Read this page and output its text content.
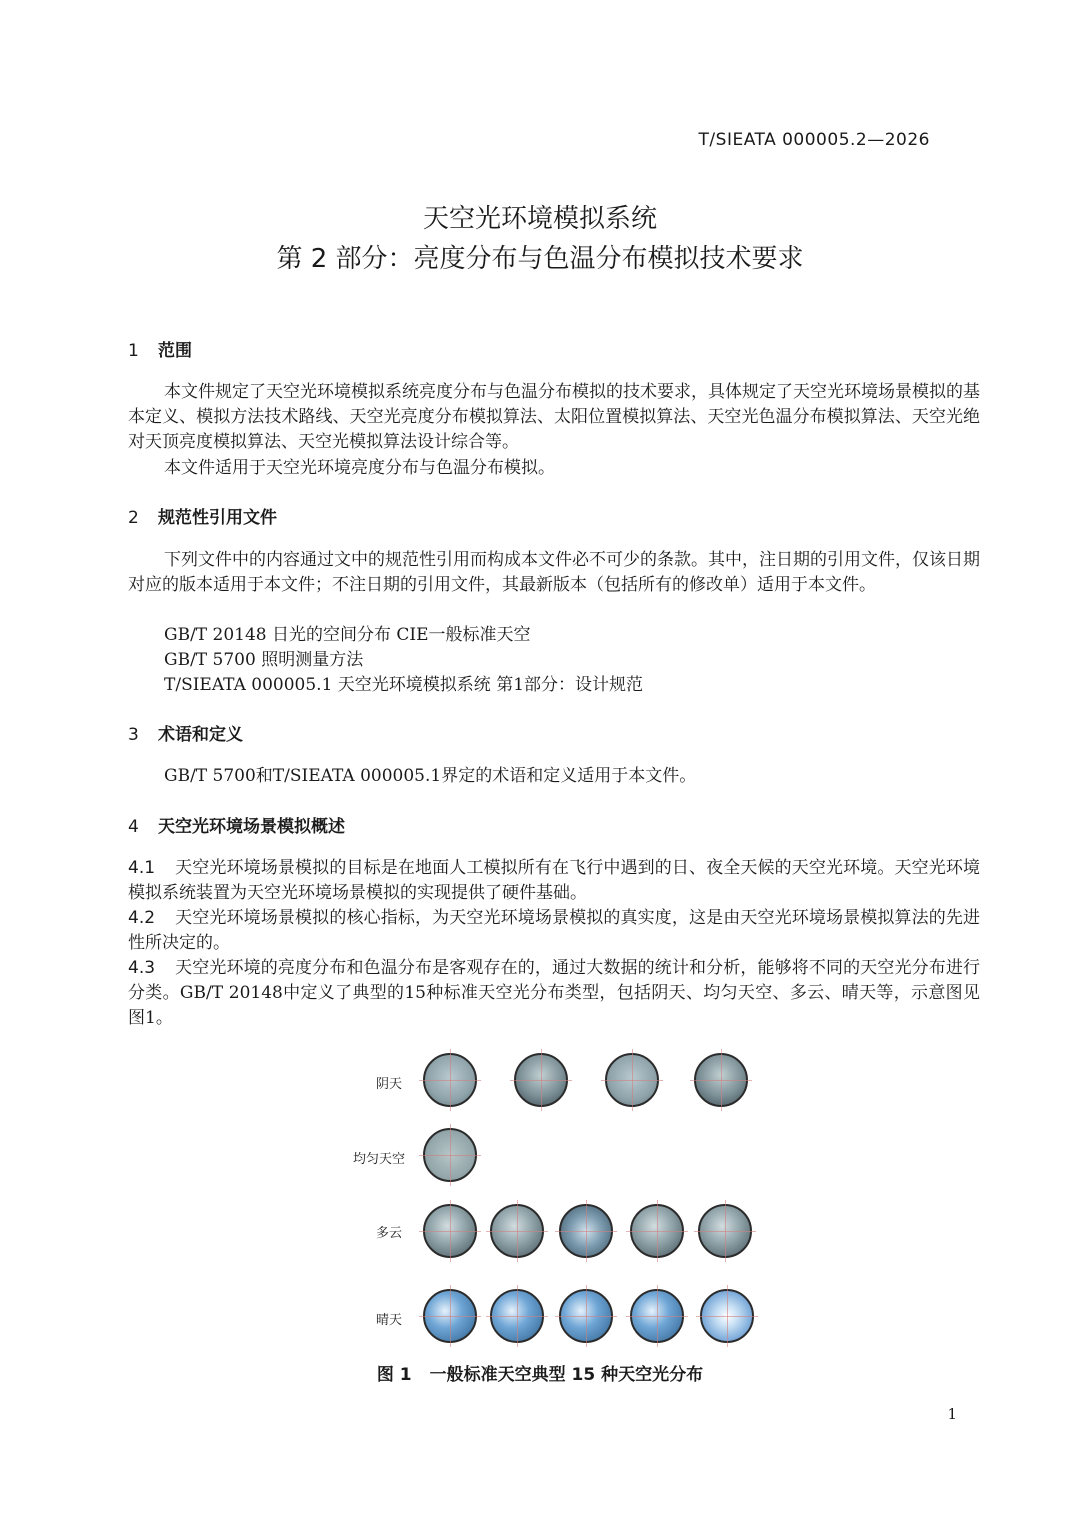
T/SIEATA 000005.2—2026
天空光环境模拟系统
第 2 部分：亮度分布与色温分布模拟技术要求
1 范围
本文件规定了天空光环境模拟系统亮度分布与色温分布模拟的技术要求，具体规定了天空光环境场景模拟的基本定义、模拟方法技术路线、天空光亮度分布模拟算法、太阳位置模拟算法、天空光色温分布模拟算法、天空光绝对天顶亮度模拟算法、天空光模拟算法设计综合等。
本文件适用于天空光环境亮度分布与色温分布模拟。
2 规范性引用文件
下列文件中的内容通过文中的规范性引用而构成本文件必不可少的条款。其中，注日期的引用文件，仅该日期对应的版本适用于本文件；不注日期的引用文件，其最新版本（包括所有的修改单）适用于本文件。
GB/T 20148 日光的空间分布 CIE一般标准天空
GB/T 5700 照明测量方法
T/SIEATA 000005.1 天空光环境模拟系统 第1部分：设计规范
3 术语和定义
GB/T 5700和T/SIEATA 000005.1界定的术语和定义适用于本文件。
4 天空光环境场景模拟概述
4.1 天空光环境场景模拟的目标是在地面人工模拟所有在飞行中遇到的日、夜全天候的天空光环境。天空光环境模拟系统装置为天空光环境场景模拟的实现提供了硬件基础。
4.2 天空光环境场景模拟的核心指标，为天空光环境场景模拟的真实度，这是由天空光环境场景模拟算法的先进性所决定的。
4.3 天空光环境的亮度分布和色温分布是客观存在的，通过大数据的统计和分析，能够将不同的天空光分布进行分类。GB/T 20148中定义了典型的15种标准天空光分布类型，包括阴天、均匀天空、多云、晴天等，示意图见图1。
阴天
均匀天空
多云
晴天
图 1 一般标准天空典型 15 种天空光分布
1
